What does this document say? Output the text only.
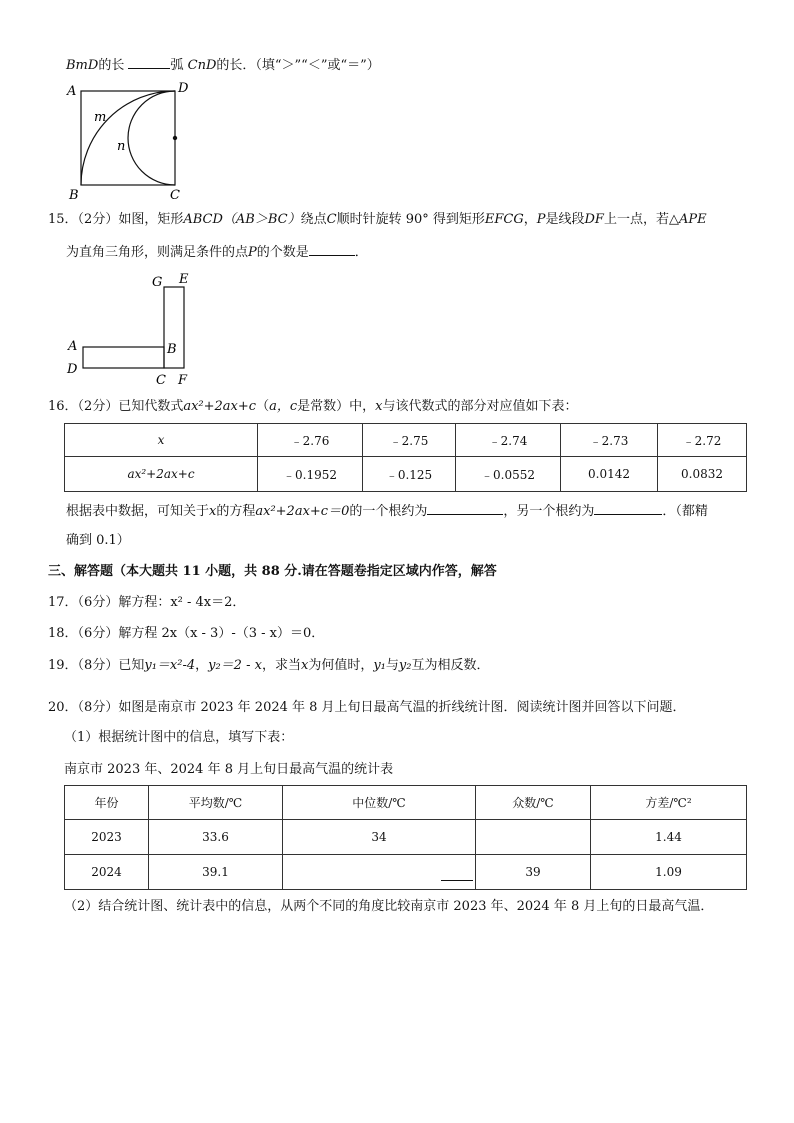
BmD的长	弧 CnD的长．（填“＞”“＜”或“＝”）
A	D
B	C
m
n
15．（2分）如图，矩形ABCD（AB＞BC）绕点C顺时针旋转 90° 得到矩形EFCG，P是线段DF上一点，若△APE
为直角三角形，则满足条件的点P的个数是	．
G E
A	B
D
C F
16．（2分）已知代数式ax²+2ax+c（a，c是常数）中，x与该代数式的部分对应值如下表：
x	﹣2.76	﹣2.75	﹣2.74	﹣2.73	﹣2.72
ax²+2ax+c	﹣0.1952	﹣0.125	﹣0.0552	0.0142	0.0832
根据表中数据，可知关于x的方程ax²+2ax+c＝0的一个根约为	，另一个根约为	．（都精
确到 0.1）
三、解答题（本大题共 11 小题，共 88 分.请在答题卷指定区域内作答，解答
17．（6分）解方程：x² - 4x＝2．
18．（6分）解方程 2x（x - 3）-（3 - x）＝0．
19．（8分）已知y₁＝x²-4，y₂＝2 - x，求当x为何值时，y₁与y₂互为相反数．
20．（8分）如图是南京市 2023 年 2024 年 8 月上旬日最高气温的折线统计图．阅读统计图并回答以下问题．
（1）根据统计图中的信息，填写下表：
南京市 2023 年、2024 年 8 月上旬日最高气温的统计表
年份	平均数/℃	中位数/℃	众数/℃	方差/℃²
2023	33.6	34		1.44
2024	39.1		39	1.09
（2）结合统计图、统计表中的信息，从两个不同的角度比较南京市 2023 年、2024 年 8 月上旬的日最高气温．
